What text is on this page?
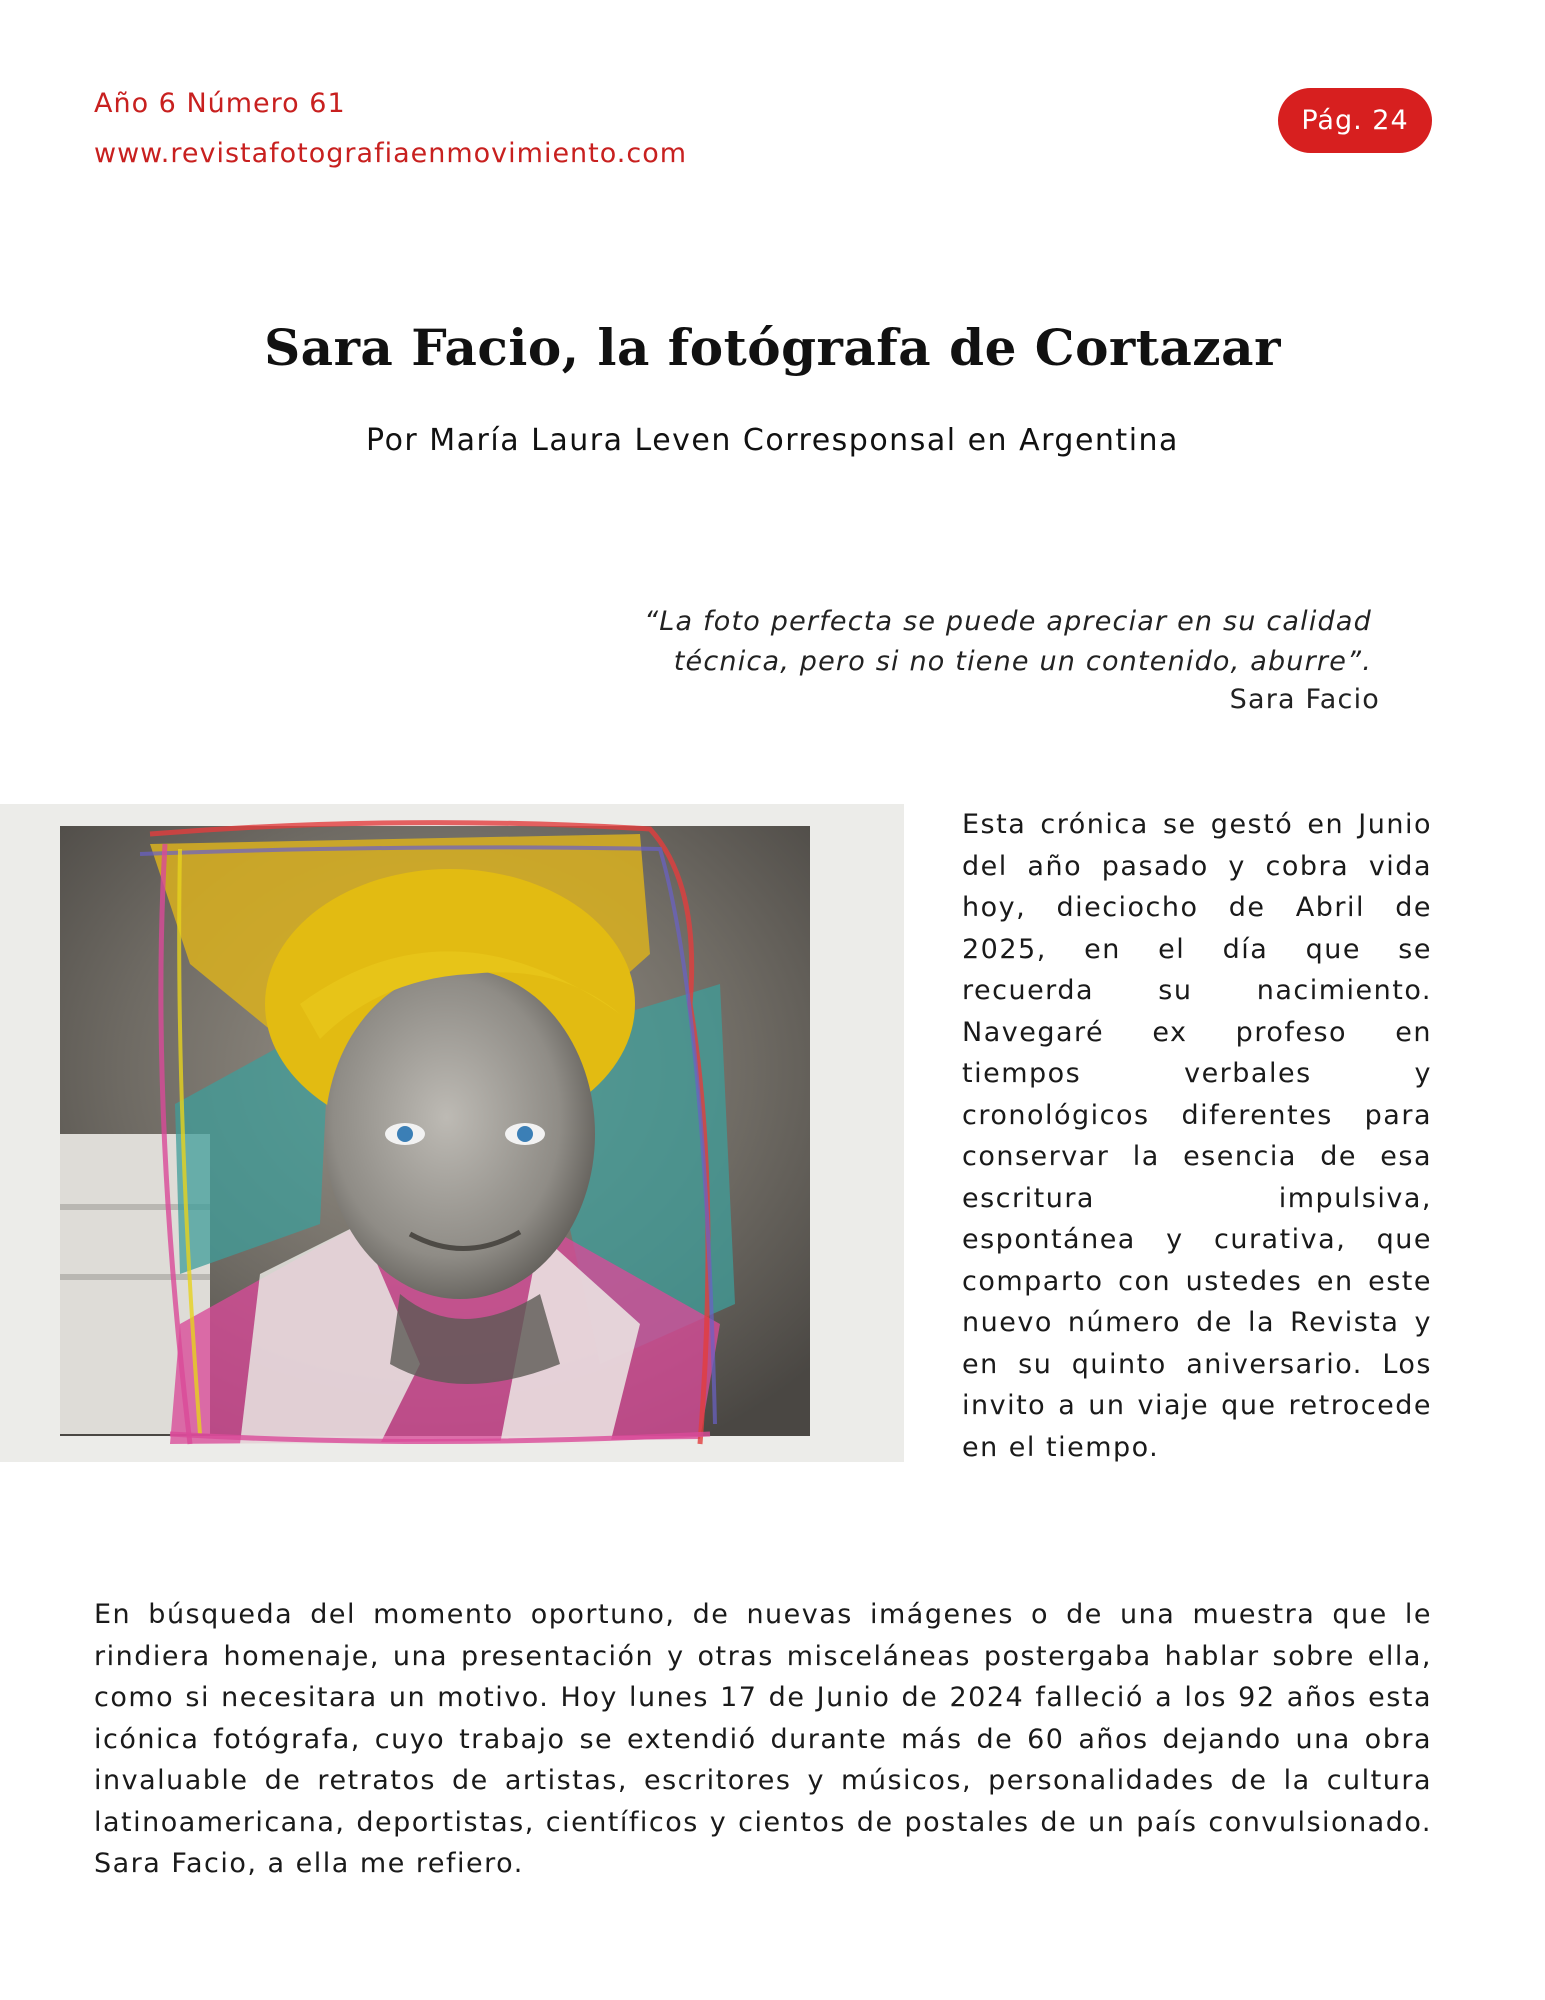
Año 6 Número 61
www.revistafotografiaenmovimiento.com
Pág. 24
Sara Facio, la fotógrafa de Cortazar
Por María Laura Leven Corresponsal en Argentina
“La foto perfecta se puede apreciar en su calidad
técnica, pero si no tiene un contenido, aburre”.
Sara Facio
Esta crónica se gestó en Junio del año pasado y cobra vida hoy, dieciocho de Abril de 2025, en el día que se recuerda su nacimiento. Navegaré ex profeso en tiempos verbales y cronológicos diferentes para conservar la esencia de esa escritura impulsiva, espontánea y curativa, que comparto con ustedes en este nuevo número de la Revista y en su quinto aniversario. Los invito a un viaje que retrocede en el tiempo.
En búsqueda del momento oportuno, de nuevas imágenes o de una muestra que le rindiera homenaje, una presentación y otras misceláneas postergaba hablar sobre ella, como si necesitara un motivo. Hoy lunes 17 de Junio de 2024 falleció a los 92 años esta icónica fotógrafa, cuyo trabajo se extendió durante más de 60 años dejando una obra invaluable de retratos de artistas, escritores y músicos, personalidades de la cultura latinoamericana, deportistas, científicos y cientos de postales de un país convulsionado. Sara Facio, a ella me refiero.
